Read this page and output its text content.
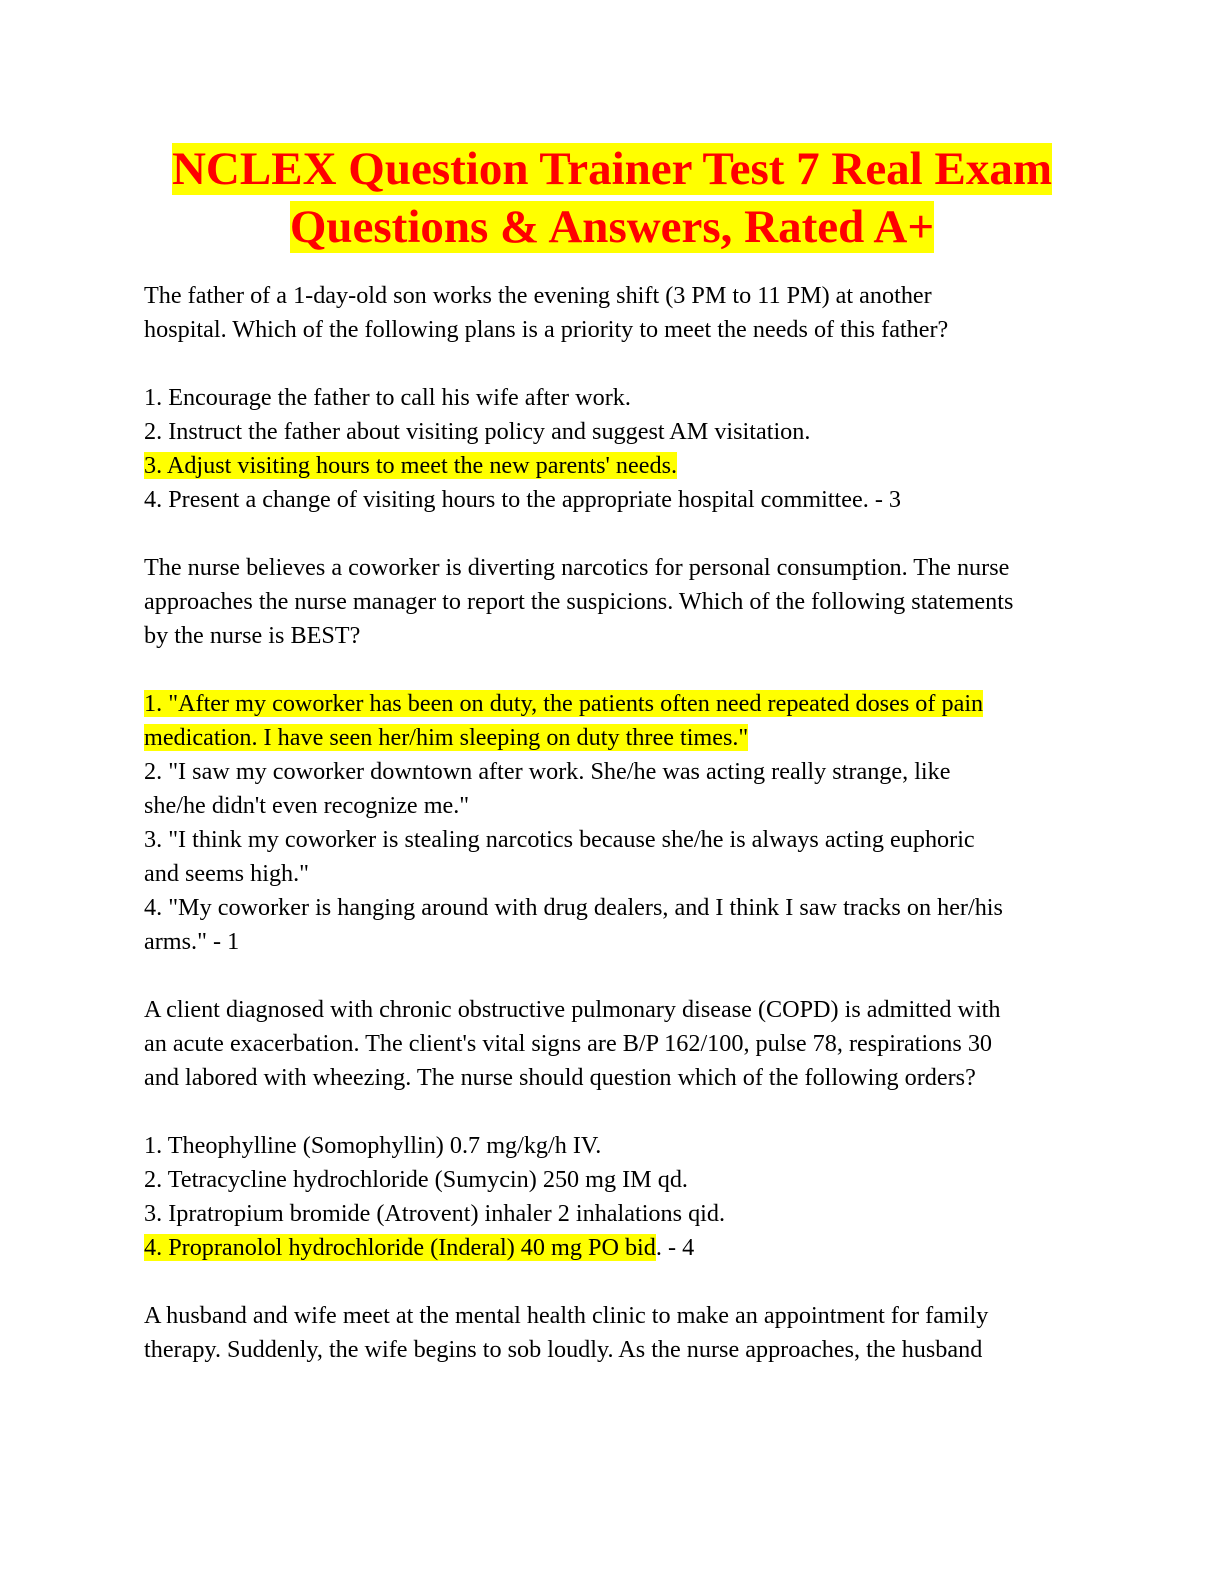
NCLEX Question Trainer Test 7 Real Exam
Questions & Answers, Rated A+
The father of a 1-day-old son works the evening shift (3 PM to 11 PM) at another
hospital. Which of the following plans is a priority to meet the needs of this father?
1. Encourage the father to call his wife after work.
2. Instruct the father about visiting policy and suggest AM visitation.
3. Adjust visiting hours to meet the new parents' needs.
4. Present a change of visiting hours to the appropriate hospital committee. - 3
The nurse believes a coworker is diverting narcotics for personal consumption. The nurse
approaches the nurse manager to report the suspicions. Which of the following statements
by the nurse is BEST?
1. "After my coworker has been on duty, the patients often need repeated doses of pain
medication. I have seen her/him sleeping on duty three times."
2. "I saw my coworker downtown after work. She/he was acting really strange, like
she/he didn't even recognize me."
3. "I think my coworker is stealing narcotics because she/he is always acting euphoric
and seems high."
4. "My coworker is hanging around with drug dealers, and I think I saw tracks on her/his
arms." - 1
A client diagnosed with chronic obstructive pulmonary disease (COPD) is admitted with
an acute exacerbation. The client's vital signs are B/P 162/100, pulse 78, respirations 30
and labored with wheezing. The nurse should question which of the following orders?
1. Theophylline (Somophyllin) 0.7 mg/kg/h IV.
2. Tetracycline hydrochloride (Sumycin) 250 mg IM qd.
3. Ipratropium bromide (Atrovent) inhaler 2 inhalations qid.
4. Propranolol hydrochloride (Inderal) 40 mg PO bid. - 4
A husband and wife meet at the mental health clinic to make an appointment for family
therapy. Suddenly, the wife begins to sob loudly. As the nurse approaches, the husband
